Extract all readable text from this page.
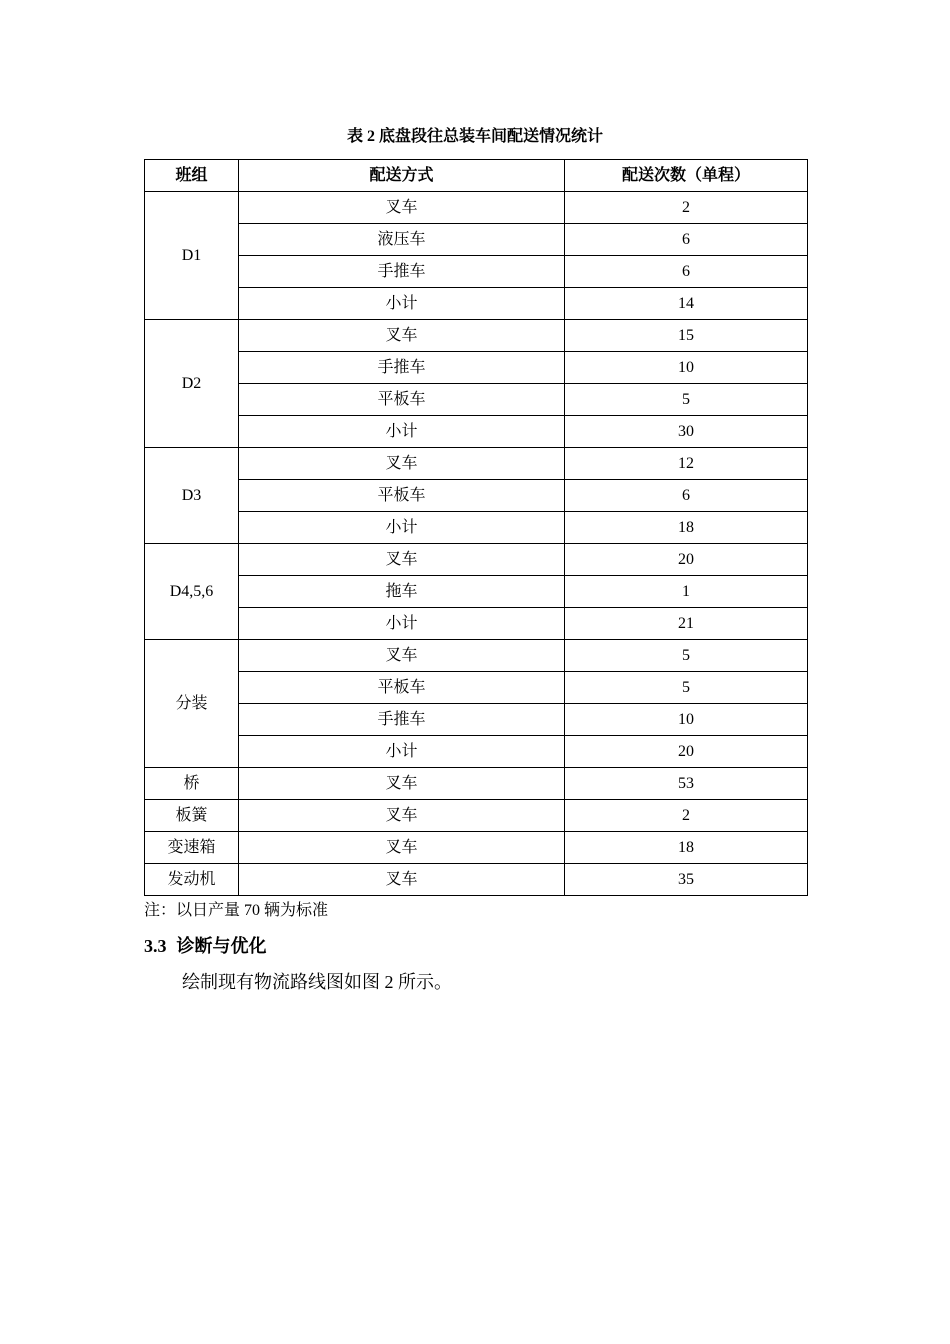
表 2 底盘段往总装车间配送情况统计
班组	配送方式	配送次数（单程）
D1	叉车	2
	液压车	6
	手推车	6
	小计	14
D2	叉车	15
	手推车	10
	平板车	5
	小计	30
D3	叉车	12
	平板车	6
	小计	18
D4,5,6	叉车	20
	拖车	1
	小计	21
分装	叉车	5
	平板车	5
	手推车	10
	小计	20
桥	叉车	53
板簧	叉车	2
变速箱	叉车	18
发动机	叉车	35
注：以日产量 70 辆为标准
3.3 诊断与优化
绘制现有物流路线图如图 2 所示。
